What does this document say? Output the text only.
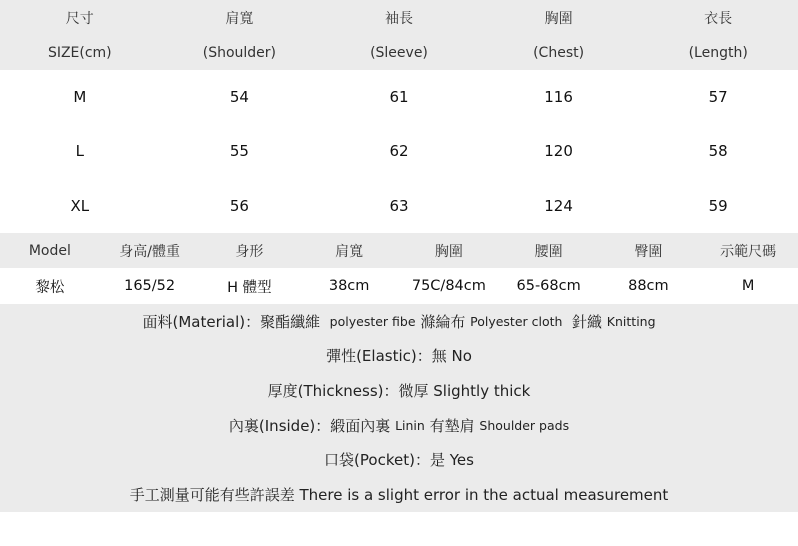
尺寸	肩寬	袖長	胸圍	衣長
SIZE(cm)	(Shoulder)	(Sleeve)	(Chest)	(Length)
M	54	61	116	57
L	55	62	120	58
XL	56	63	124	59
Model	身高/體重	身形	肩寬	胸圍	腰圍	臀圍	示範尺碼
黎松	165/52	H 體型	38cm	75C/84cm	65-68cm	88cm	M
面料(Material)：聚酯纖維
polyester fibe
滌綸布
Polyester cloth
針織
Knitting
彈性(Elastic)：無 No
厚度(Thickness)：微厚 Slightly thick
內裏(Inside)：緞面內裏
Linin
有墊肩
Shoulder pads
口袋(Pocket)：是 Yes
手工測量可能有些許誤差 There is a slight error in the actual measurement
